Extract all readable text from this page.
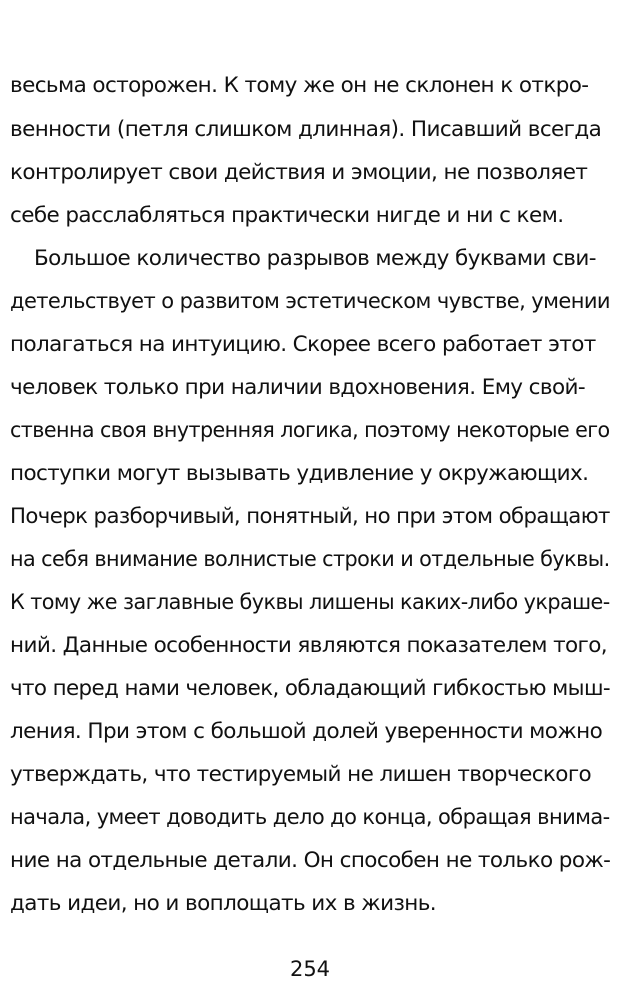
весьма осторожен. К тому же он не склонен к откро-
венности (петля слишком длинная). Писавший всегда
контролирует свои действия и эмоции, не позволяет
себе расслабляться практически нигде и ни с кем.
Большое количество разрывов между буквами сви-
детельствует о развитом эстетическом чувстве, умении
полагаться на интуицию. Скорее всего работает этот
человек только при наличии вдохновения. Ему свой-
ственна своя внутренняя логика, поэтому некоторые его
поступки могут вызывать удивление у окружающих.
Почерк разборчивый, понятный, но при этом обращают
на себя внимание волнистые строки и отдельные буквы.
К тому же заглавные буквы лишены каких-либо украше-
ний. Данные особенности являются показателем того,
что перед нами человек, обладающий гибкостью мыш-
ления. При этом с большой долей уверенности можно
утверждать, что тестируемый не лишен творческого
начала, умеет доводить дело до конца, обращая внима-
ние на отдельные детали. Он способен не только рож-
дать идеи, но и воплощать их в жизнь.
254
